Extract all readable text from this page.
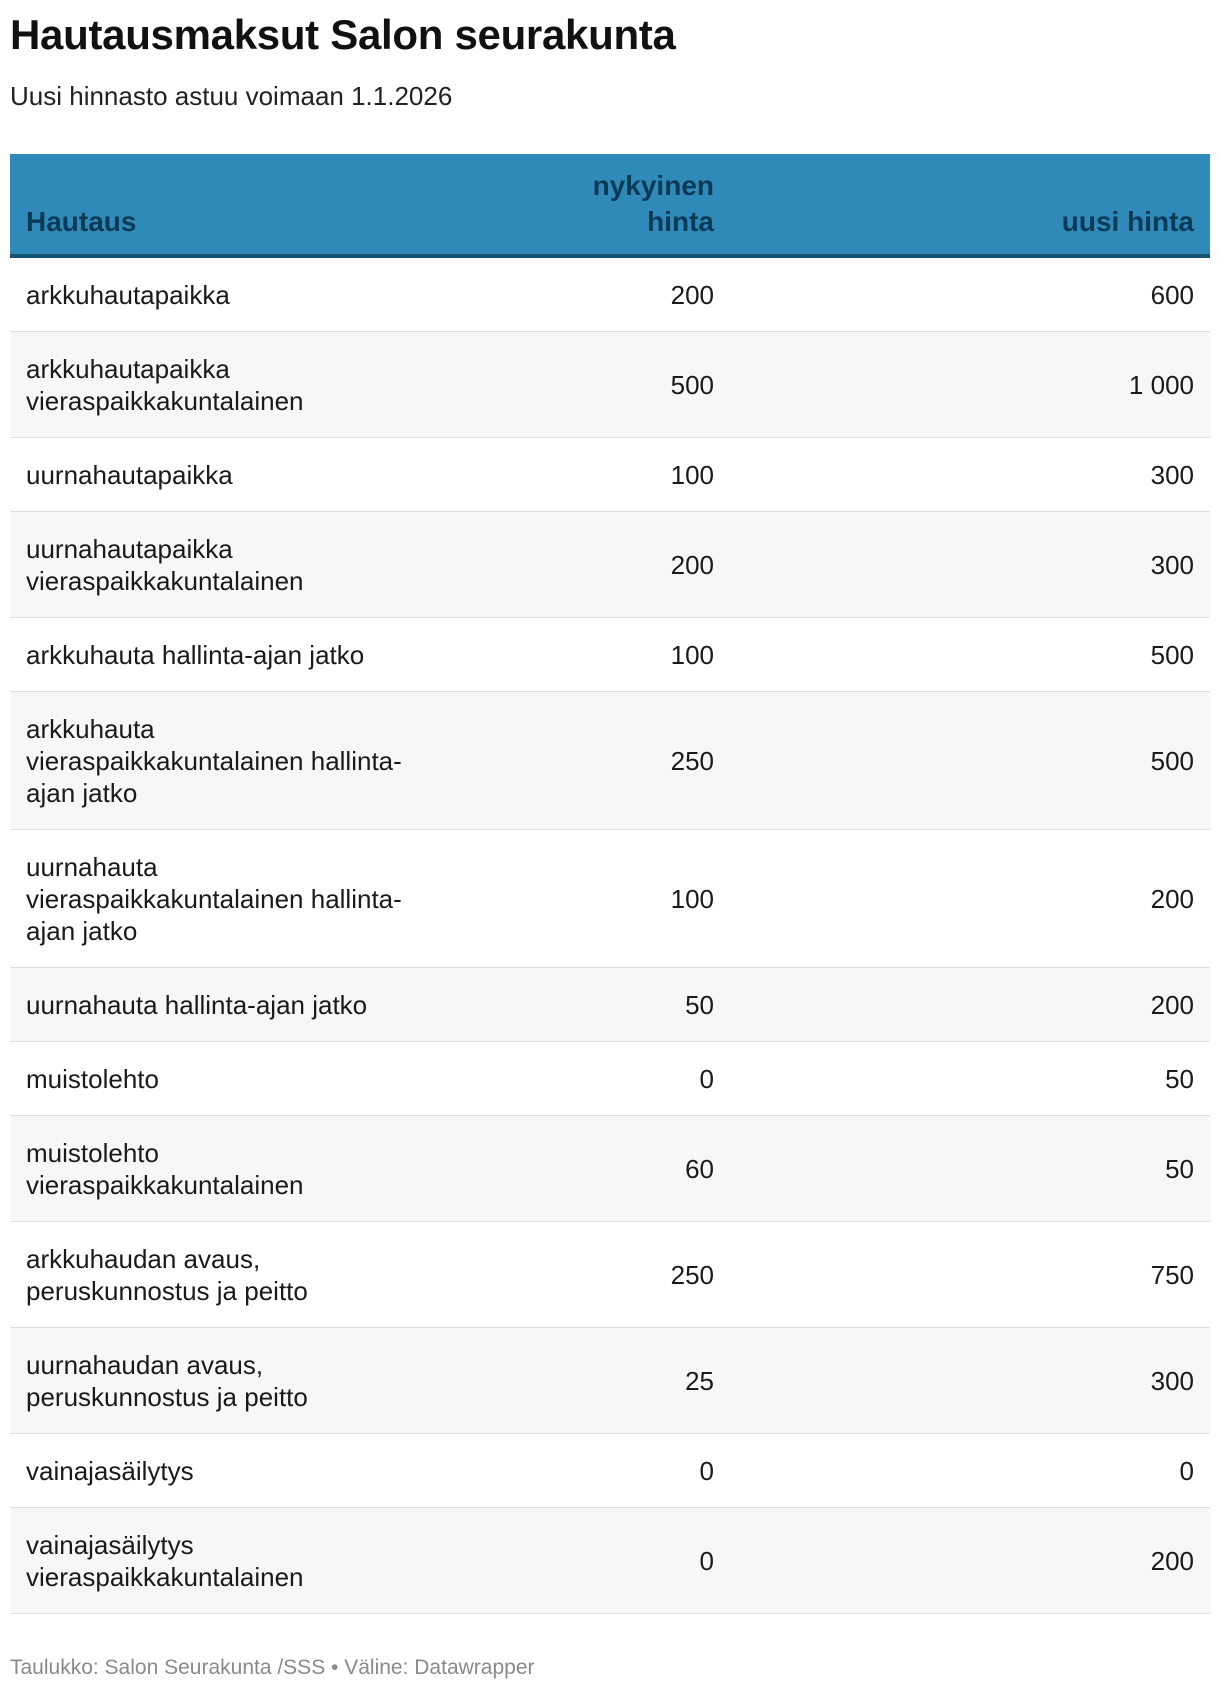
Hautausmaksut Salon seurakunta
Uusi hinnasto astuu voimaan 1.1.2026
Hautaus
nykyinen
hinta	uusi hinta
arkkuhautapaikka	200	600
arkkuhautapaikka
vieraspaikkakuntalainen
500	1 000
uurnahautapaikka	100	300
uurnahautapaikka
vieraspaikkakuntalainen
200	300
arkkuhauta hallinta-ajan jatko	100	500
arkkuhauta
vieraspaikkakuntalainen hallinta-
ajan jatko
250	500
uurnahauta
vieraspaikkakuntalainen hallinta-
ajan jatko
100	200
uurnahauta hallinta-ajan jatko	50	200
muistolehto	0	50
muistolehto
vieraspaikkakuntalainen
60	50
arkkuhaudan avaus,
peruskunnostus ja peitto
250	750
uurnahaudan avaus,
peruskunnostus ja peitto
25	300
vainajasäilytys	0	0
vainajasäilytys
vieraspaikkakuntalainen
0	200
Taulukko: Salon Seurakunta /SSS • Väline: Datawrapper
